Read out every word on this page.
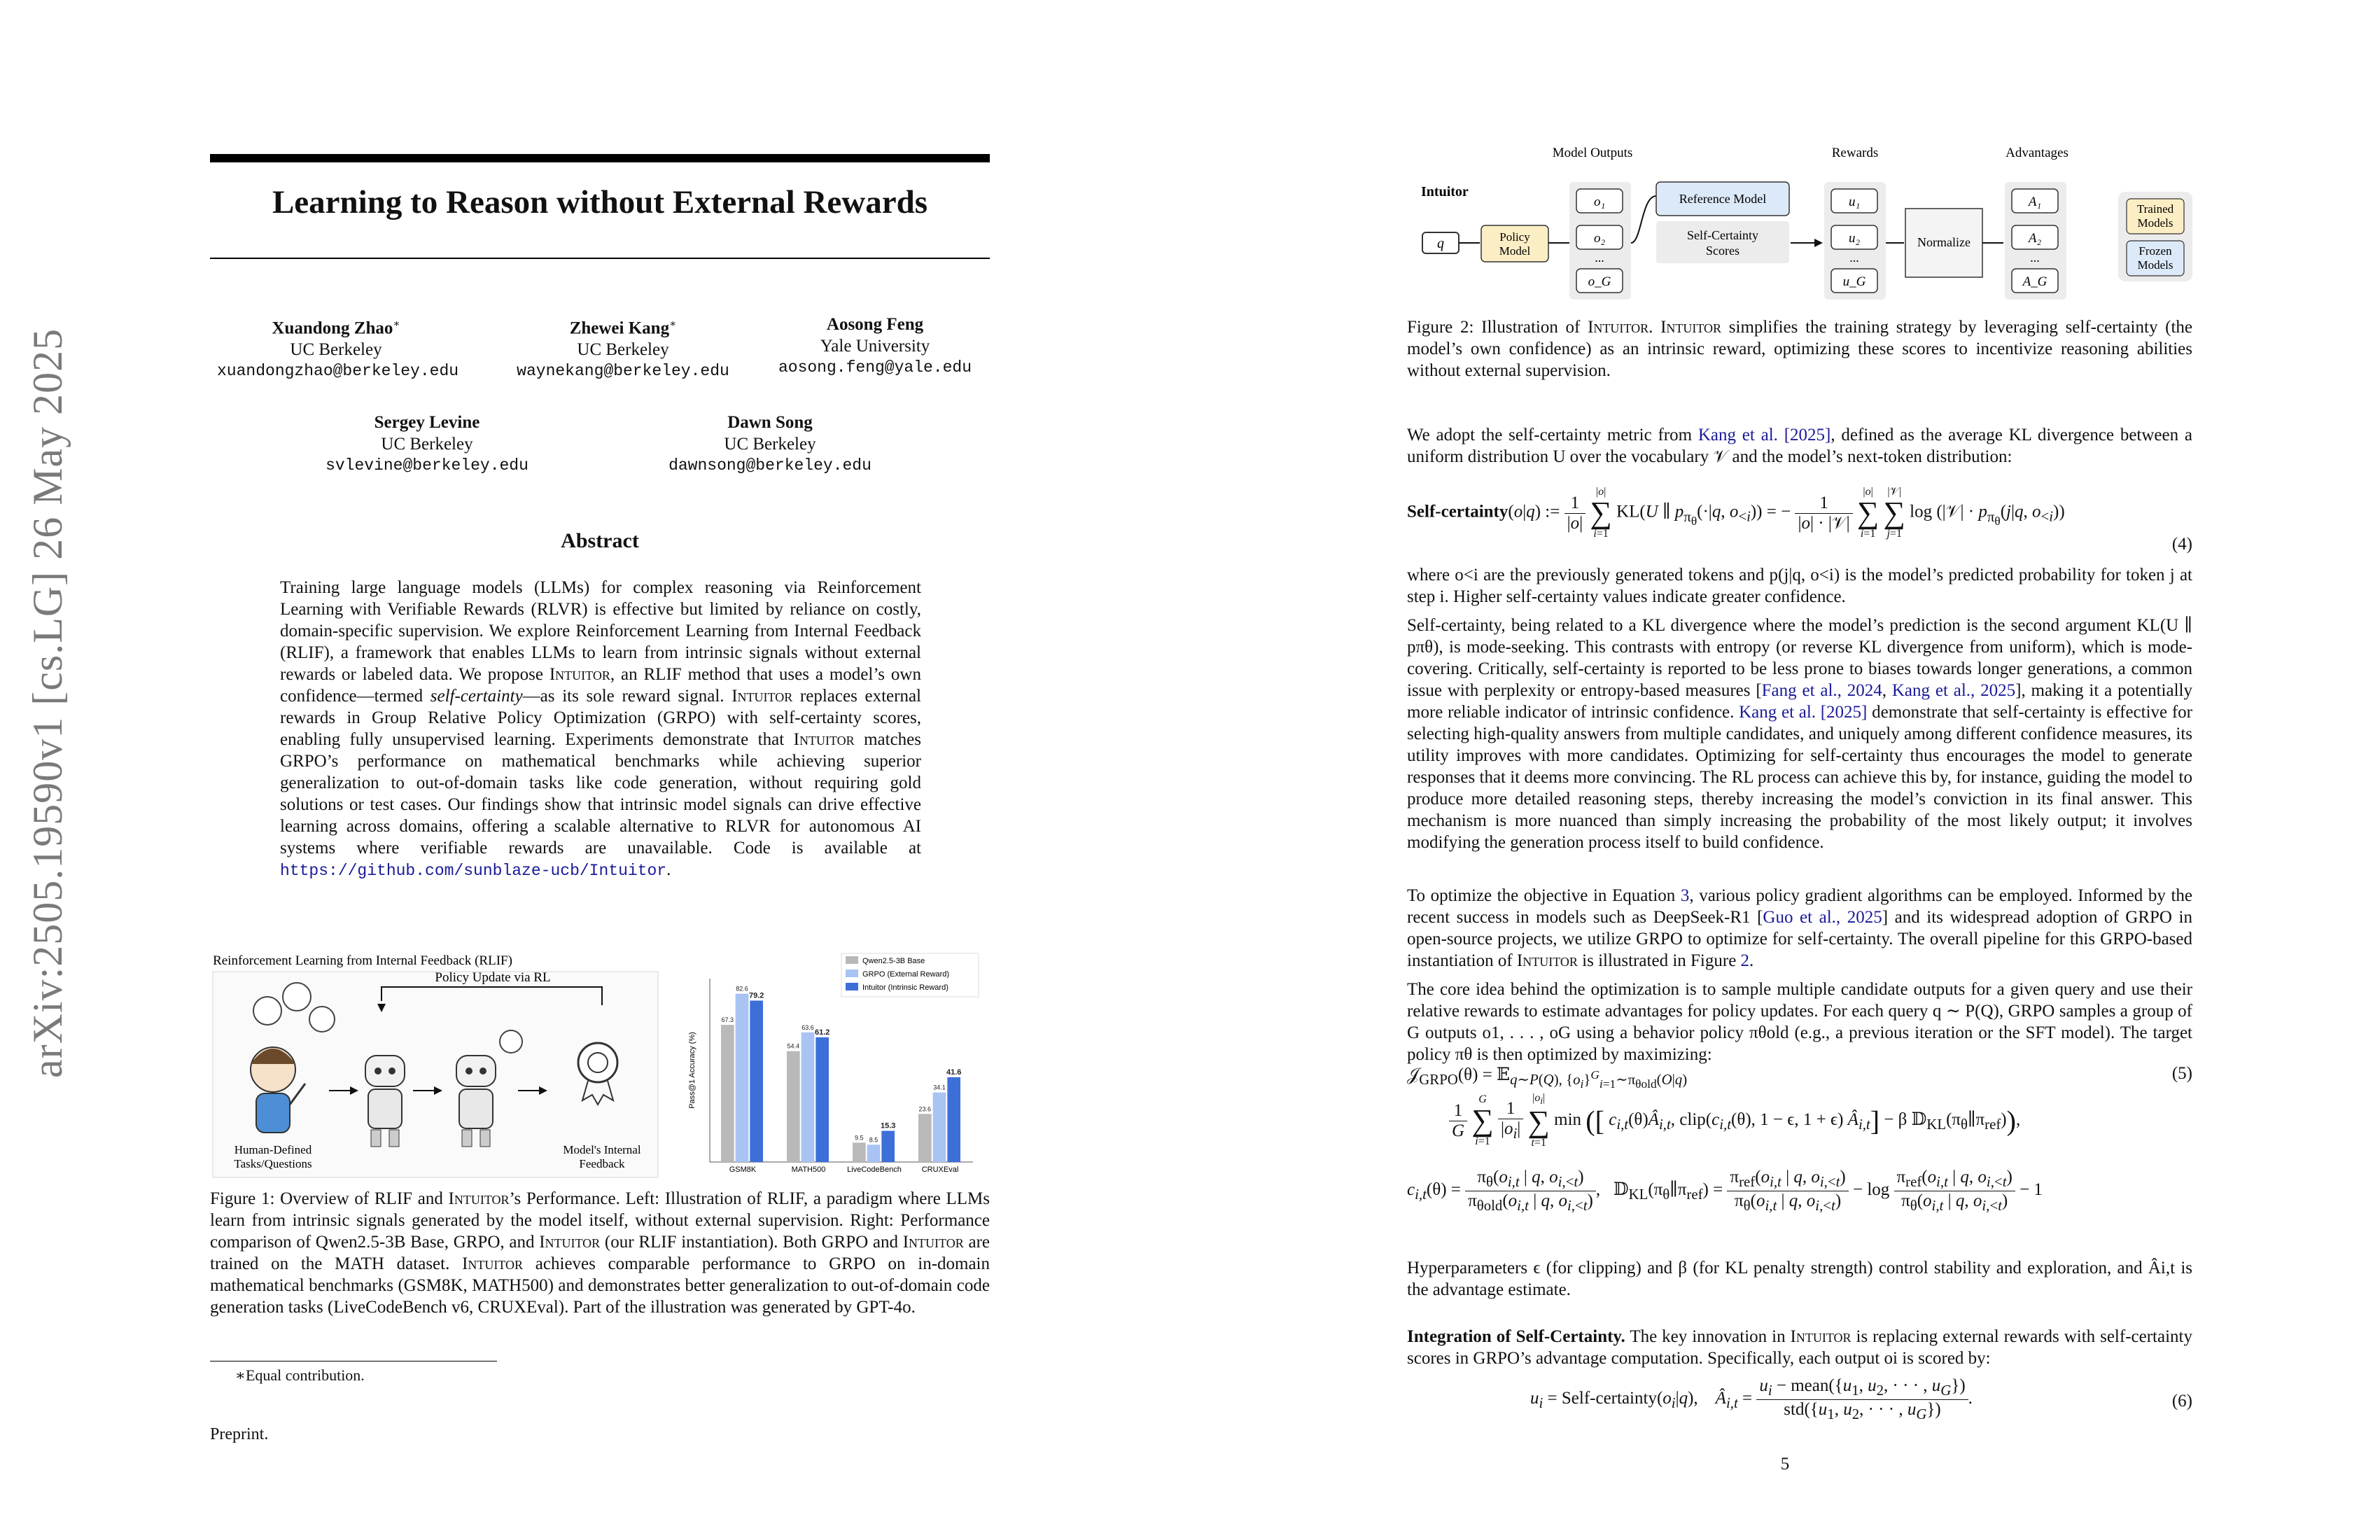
arXiv:2505.19590v1 [cs.LG] 26 May 2025
Learning to Reason without External Rewards
Xuandong Zhao∗
UC Berkeley
xuandongzhao@berkeley.edu
Zhewei Kang∗
UC Berkeley
waynekang@berkeley.edu
Aosong Feng
Yale University
aosong.feng@yale.edu
Sergey Levine
UC Berkeley
svlevine@berkeley.edu
Dawn Song
UC Berkeley
dawnsong@berkeley.edu
Abstract
Training large language models (LLMs) for complex reasoning via Reinforcement Learning with Verifiable Rewards (RLVR) is effective but limited by reliance on costly, domain-specific supervision. We explore Reinforcement Learning from Internal Feedback (RLIF), a framework that enables LLMs to learn from intrinsic signals without external rewards or labeled data. We propose Intuitor, an RLIF method that uses a model’s own confidence—termed self-certainty—as its sole reward signal. Intuitor replaces external rewards in Group Relative Policy Optimization (GRPO) with self-certainty scores, enabling fully unsupervised learning. Experiments demonstrate that Intuitor matches GRPO’s performance on mathematical benchmarks while achieving superior generalization to out-of-domain tasks like code generation, without requiring gold solutions or test cases. Our findings show that intrinsic model signals can drive effective learning across domains, offering a scalable alternative to RLVR for autonomous AI systems where verifiable rewards are unavailable. Code is available at https://github.com/sunblaze-ucb/Intuitor.
Reinforcement Learning from Internal Feedback (RLIF)
Policy Update via RL
Human-Defined
Tasks/Questions
Model's Internal
Feedback
Qwen2.5-3B Base
GRPO (External Reward)
Intuitor (Intrinsic Reward)
Pass@1 Accuracy (%)
GSM8K	MATH500	LiveCodeBench	CRUXEval
67.3
82.6
79.2
54.4
63.6
61.2
9.5 8.5
15.3
23.6
34.1
41.6
Figure 1: Overview of RLIF and Intuitor’s Performance. Left: Illustration of RLIF, a paradigm where LLMs learn from intrinsic signals generated by the model itself, without external supervision. Right: Performance comparison of Qwen2.5-3B Base, GRPO, and Intuitor (our RLIF instantiation). Both GRPO and Intuitor are trained on the MATH dataset. Intuitor achieves comparable performance to GRPO on in-domain mathematical benchmarks (GSM8K, MATH500) and demonstrates better generalization to out-of-domain code generation tasks (LiveCodeBench v6, CRUXEval). Part of the illustration was generated by GPT-4o.
∗Equal contribution.
Preprint.
Model Outputs	Rewards	Advantages
Intuitor
q	Policy
Model
o₁
o₂
...
o_G
Reference Model
Self-Certainty
Scores
u₁
u₂
...
u_G
Normalize
A₁
A₂
...
A_G
Trained
Models
Frozen
Models
Figure 2: Illustration of Intuitor. Intuitor simplifies the training strategy by leveraging self-certainty (the model’s own confidence) as an intrinsic reward, optimizing these scores to incentivize reasoning abilities without external supervision.
We adopt the self-certainty metric from Kang et al. [2025], defined as the average KL divergence between a uniform distribution U over the vocabulary 𝒱 and the model’s next-token distribution:
Self-certainty(o|q) := $\frac{1}{|o|}$

|o|
∑
i=1
KL(U ∥ $p_{\pi_\theta}(\cdot|q$, $o_{<i}$)) = − $\frac{1}{\text{|o| · |𝒱|}}$

|o|
∑
i=1

|𝒱|
∑
j=1
log (|𝒱| · $p_{\pi_\theta}(j|q$, $o_{<i}$))
(4)
where o<i are the previously generated tokens and p(j|q, o<i) is the model’s predicted probability for token j at step i. Higher self-certainty values indicate greater confidence.
Self-certainty, being related to a KL divergence where the model’s prediction is the second argument KL(U ∥ pπθ), is mode-seeking. This contrasts with entropy (or reverse KL divergence from uniform), which is mode-covering. Critically, self-certainty is reported to be less prone to biases towards longer generations, a common issue with perplexity or entropy-based measures [Fang et al., 2024, Kang et al., 2025], making it a potentially more reliable indicator of intrinsic confidence. Kang et al. [2025] demonstrate that self-certainty is effective for selecting high-quality answers from multiple candidates, and uniquely among different confidence measures, its utility improves with more candidates. Optimizing for self-certainty thus encourages the model to generate responses that it deems more convincing. The RL process can achieve this by, for instance, guiding the model to produce more detailed reasoning steps, thereby increasing the model’s conviction in its final answer. This mechanism is more nuanced than simply increasing the probability of the most likely output; it involves modifying the generation process itself to build confidence.
To optimize the objective in Equation 3, various policy gradient algorithms can be employed. Informed by the recent success in models such as DeepSeek-R1 [Guo et al., 2025] and its widespread adoption of GRPO in open-source projects, we utilize GRPO to optimize for self-certainty. The overall pipeline for this GRPO-based instantiation of Intuitor is illustrated in Figure 2.
The core idea behind the optimization is to sample multiple candidate outputs for a given query and use their relative rewards to estimate advantages for policy updates. For each query q ∼ P(Q), GRPO samples a group of G outputs o1, . . . , oG using a behavior policy πθold (e.g., a previous iteration or the SFT model). The target policy πθ is then optimized by maximizing:
𝒥$_{GRPO}$(θ) = 𝔼$_{q\sim P(Q), \{o_i\}^G_{i=1}\sim\pi_{\theta old}(O|q)}$	(5)
$\frac{1}{G}$

G
∑
i=1
$\frac{1}{|o_i|}$

$|o_i|$
∑
t=1
min ([ $c_{i,t}(\theta)Â_{i,t}$, $clip(c_{i,t}(\theta)$, 1 − ϵ, 1 + ϵ) $Â_{i,t}] - \beta$ $𝔻_{KL}(\pi_\theta\parallel\pi_{ref})$),
$c_{i,t}(\theta) = \frac{\pi_\theta(o_{i,t} | q, o_{i,<t})}{\pi_{\theta old}(o_{i,t} | q, o_{i,<t})}$ ,   $𝔻_{KL}(\pi_\theta\parallel\pi_{ref}) = \frac{\pi_{ref}(o_{i,t} | q, o_{i,<t})}{\pi_\theta(o_{i,t} | q, o_{i,<t})} - \log \frac{\pi_{ref}(o_{i,t} | q, o_{i,<t})}{\pi_\theta(o_{i,t} | q, o_{i,<t})} - 1$
Hyperparameters ϵ (for clipping) and β (for KL penalty strength) control stability and exploration, and Âi,t is the advantage estimate.
Integration of Self-Certainty. The key innovation in Intuitor is replacing external rewards with self-certainty scores in GRPO’s advantage computation. Specifically, each output oi is scored by:
$u_i$ = Self-$certainty(o_i|q)$,    $Â_{i,t} = \frac{u_i - mean(\{u_1, u_2, \cdot \cdot \cdot , u_G\})}{std(\{u_1, u_2, \cdot \cdot \cdot , u_G\})}$ .	(6)
5
